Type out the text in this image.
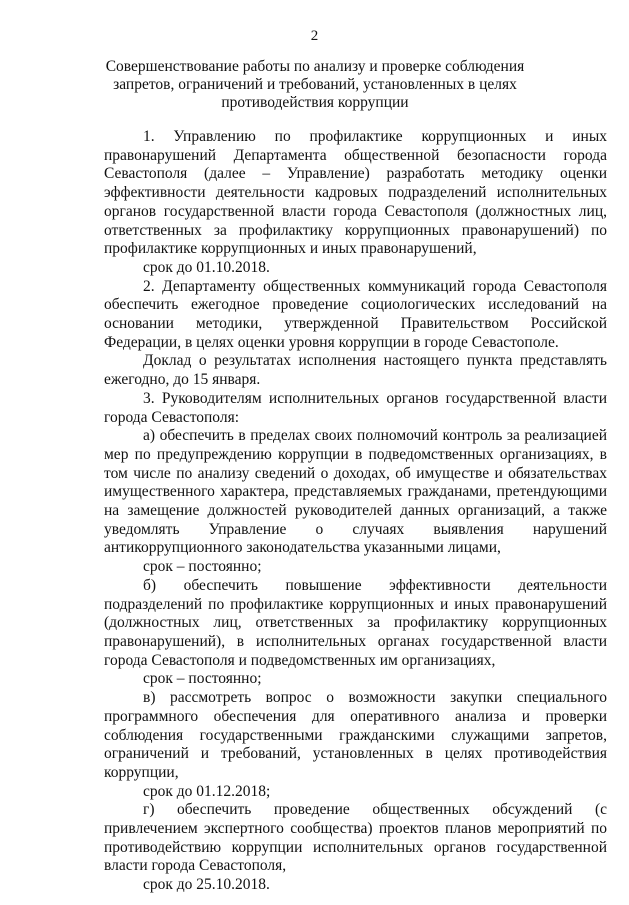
2
Совершенствование работы по анализу и проверке соблюдения запретов, ограничений и требований, установленных в целях противодействия коррупции

1. Управлению по профилактике коррупционных и иных правонарушений Департамента общественной безопасности города Севастополя (далее – Управление) разработать методику оценки эффективности деятельности кадровых подразделений исполнительных органов государственной власти города Севастополя (должностных лиц, ответственных за профилактику коррупционных правонарушений) по профилактике коррупционных и иных правонарушений,

срок до 01.10.2018.

2. Департаменту общественных коммуникаций города Севастополя обеспечить ежегодное проведение социологических исследований на основании методики, утвержденной Правительством Российской Федерации, в целях оценки уровня коррупции в городе Севастополе.

Доклад о результатах исполнения настоящего пункта представлять ежегодно, до 15 января.

3. Руководителям исполнительных органов государственной власти города Севастополя:

а) обеспечить в пределах своих полномочий контроль за реализацией мер по предупреждению коррупции в подведомственных организациях, в том числе по анализу сведений о доходах, об имуществе и обязательствах имущественного характера, представляемых гражданами, претендующими на замещение должностей руководителей данных организаций, а также уведомлять Управление о случаях выявления нарушений антикоррупционного законодательства указанными лицами,

срок – постоянно;

б) обеспечить повышение эффективности деятельности подразделений по профилактике коррупционных и иных правонарушений (должностных лиц, ответственных за профилактику коррупционных правонарушений), в исполнительных органах государственной власти города Севастополя и подведомственных им организациях,

срок – постоянно;

в) рассмотреть вопрос о возможности закупки специального программного обеспечения для оперативного анализа и проверки соблюдения государственными гражданскими служащими запретов, ограничений и требований, установленных в целях противодействия коррупции,

срок до 01.12.2018;

г) обеспечить проведение общественных обсуждений (с привлечением экспертного сообщества) проектов планов мероприятий по противодействию коррупции исполнительных органов государственной власти города Севастополя,

срок до 25.10.2018.
